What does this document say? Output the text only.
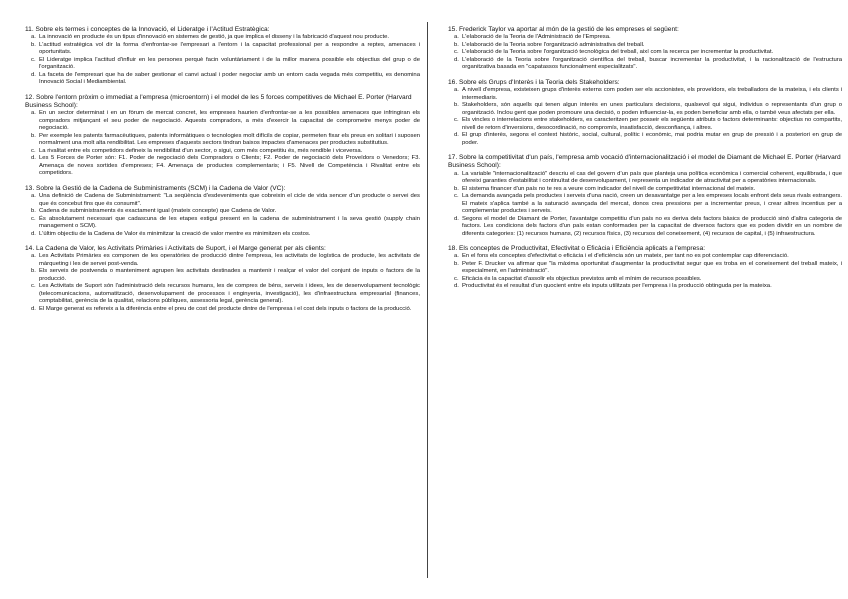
11. Sobre els termes i conceptes de la Innovació, el Lideratge i l'Actitud Estratègica:

a. La innovació en producte és un tipus d'innovació en sistemes de gestió, ja que implica el disseny i la fabricació d'aquest nou producte.
b. L'actitud estratègica vol dir la forma d'enfrontar-se l'empresari a l'entorn i la capacitat professional per a respondre a reptes, amenaces i oportunitats.
c. El Lideratge implica l'actitud d'influir en les persones perquè facin voluntàriament i de la millor manera possible els objectius del grup o de l'organització.
d. La faceta de l'empresari que ha de saber gestionar el canvi actual i poder negociar amb un entorn cada vegada més competitiu, es denomina Innovació Social i Mediambiental.

12. Sobre l'entorn pròxim o immediat a l'empresa (microentorn) i el model de les 5 forces competitives de Michael E. Porter (Harvard Business School):

a. En un sector determinat i en un fòrum de mercat concret, les empreses haurien d'enfrontar-se a les possibles amenaces que infringiran els compradors mitjançant el seu poder de negociació. Aquests compradors, a més d'exercir la capacitat de comprometre menys poder de negociació.
b. Per exemple les patents farmacèutiques, patents informàtiques o tecnologies molt difícils de copiar, permeten fixar els preus en solitari i suposen normalment una molt alta rendibilitat. Les empreses d'aquests sectors tindran baixos impactes d'amenaces per productes substitutius.
c. La rivalitat entre els competidors defineix la rendibilitat d'un sector, o sigui, com més competitiu és, més rendible i viceversa.
d. Les 5 Forces de Porter són: F1. Poder de negociació dels Compradors o Clients; F2. Poder de negociació dels Proveïdors o Venedors; F3. Amenaça de noves sortides d'empreses; F4. Amenaça de productes complementaris; i F5. Nivell de Competència i Rivalitat entre els competidors.

13. Sobre la Gestió de la Cadena de Subministraments (SCM) i la Cadena de Valor (VC):

a. Una definició de Cadena de Subministrament: "La seqüència d'esdeveniments que cobreixin el cicle de vida sencer d'un producte o servei des que és concebut fins que és consumit".
b. Cadena de subministraments és exactament igual (mateix concepte) que Cadena de Valor.
c. És absolutament necessari que cadascuna de les etapes estigui present en la cadena de subministrament i la seva gestió (supply chain management o SCM).
d. L'últim objectiu de la Cadena de Valor és minimitzar la creació de valor mentre es minimitzen els costos.

14. La Cadena de Valor, les Activitats Primàries i Activitats de Suport, i el Marge generat per als clients:

a. Les Activitats Primàries es componen de les operatòries de producció dintre l'empresa, les activitats de logística de producte, les activitats de màrqueting i les de servei post-venda.
b. Els serveis de postvenda o manteniment agrupen les activitats destinades a mantenir i realçar el valor del conjunt de inputs o factors de la producció.
c. Les Activitats de Suport són l'administració dels recursos humans, les de compres de béns, serveis i idees, les de desenvolupament tecnològic (telecomunicacions, automatització, desenvolupament de processos i enginyeria, investigació), les d'infraestructura empresarial (finances, comptabilitat, gerència de la qualitat, relacions públiques, assessoria legal, gerència general).
d. El Marge generat es refereix a la diferència entre el preu de cost del producte dintre de l'empresa i el cost dels inputs o factors de la producció.

15. Frederick Taylor va aportar al món de la gestió de les empreses el següent:

a. L'elaboració de la Teoria de l'Administració de l'Empresa.
b. L'elaboració de la Teoria sobre l'organització administrativa del treball.
c. L'elaboració de la Teoria sobre l'organització tecnològica del treball, així com la recerca per incrementar la productivitat.
d. L'elaboració de la Teoria sobre l'organització científica del treball, buscar incrementar la productivitat, i la racionalització de l'estructura organitzativa basada en "capatassos funcionalment especialitzats".

16. Sobre els Grups d'Interès i la Teoria dels Stakeholders:

a. A nivell d'empresa, existeixen grups d'interès externs com poden ser els accionistes, els proveïdors, els treballadors de la mateixa, i els clients i intermediaris.
b. Stakeholders, són aquells qui tenen algun interès en unes particulars decisions, qualsevol qui sigui, individus o representants d'un grup o organització. Inclou gent que poden promoure una decisió, o poden influenciar-la, es poden beneficiar amb ella, o també veus afectats per ella.
c. Els vincles o interrelacions entre stakeholders, es caracteritzen per posseir els següents atributs o factors determinants: objectius no compartits, nivell de retorn d'inversions, desocordinació, no compromís, insatisfacció, desconfiança, i altres.
d. El grup d'interès, segons el context històric, social, cultural, polític i econòmic, mai podria mutar en grup de pressió i a posteriori en grup de poder.

17. Sobre la competitivitat d'un país, l'empresa amb vocació d'internacionalització i el model de Diamant de Michael E. Porter (Harvard Business School):

a. La variable "internacionalització" descriu el cas del govern d'un país que planteja una política econòmica i comercial coherent, equilibrada, i que ofereixi garanties d'estabilitat i continuïtat de desenvolupament, i representa un indicador de atractivitat per a operatòries internacionals.
b. El sistema financer d'un país no te res a veure com indicador del nivell de competitivitat internacional del mateix.
c. La demanda avançada pels productes i serveis d'una nació, creen un desavantatge per a les empreses locals enfront dels seus rivals estrangers. El mateix s'aplica també a la saturació avançada del mercat, donos crea pressions per a incrementar preus, i crear altres incentius per a complementar productes i serveis.
d. Segons el model de Diamant de Porter, l'avantatge competitiu d'un país no es deriva dels factors bàsics de producció sinó d'altra categoria de factors. Les condicions dels factors d'un país estan conformades per la capacitat de diversos factors que es poden dividir en un nombre de diferents categories: (1) recursos humans, (2) recursos físics, (3) recursos del coneixement, (4) recursos de capital, i (5) infraestructura.

18. Els conceptes de Productivitat, Efectivitat o Eficàcia i Eficiència aplicats a l'empresa:

a. En el fons els conceptes d'efectivitat o eficàcia i el d'eficiència són un mateix, per tant no es pot contemplar cap diferenciació.
b. Peter F. Drucker va afirmar que "la màxima oportunitat d'augmentar la productivitat segur que es troba en el coneixement del treball mateix, i especialment, en l'administració".
c. Eficàcia és la capacitat d'assolir els objectius previstos amb el mínim de recursos possibles.
d. Productivitat és el resultat d'un quocient entre els inputs utilitzats per l'empresa i la producció obtinguda per la mateixa.
